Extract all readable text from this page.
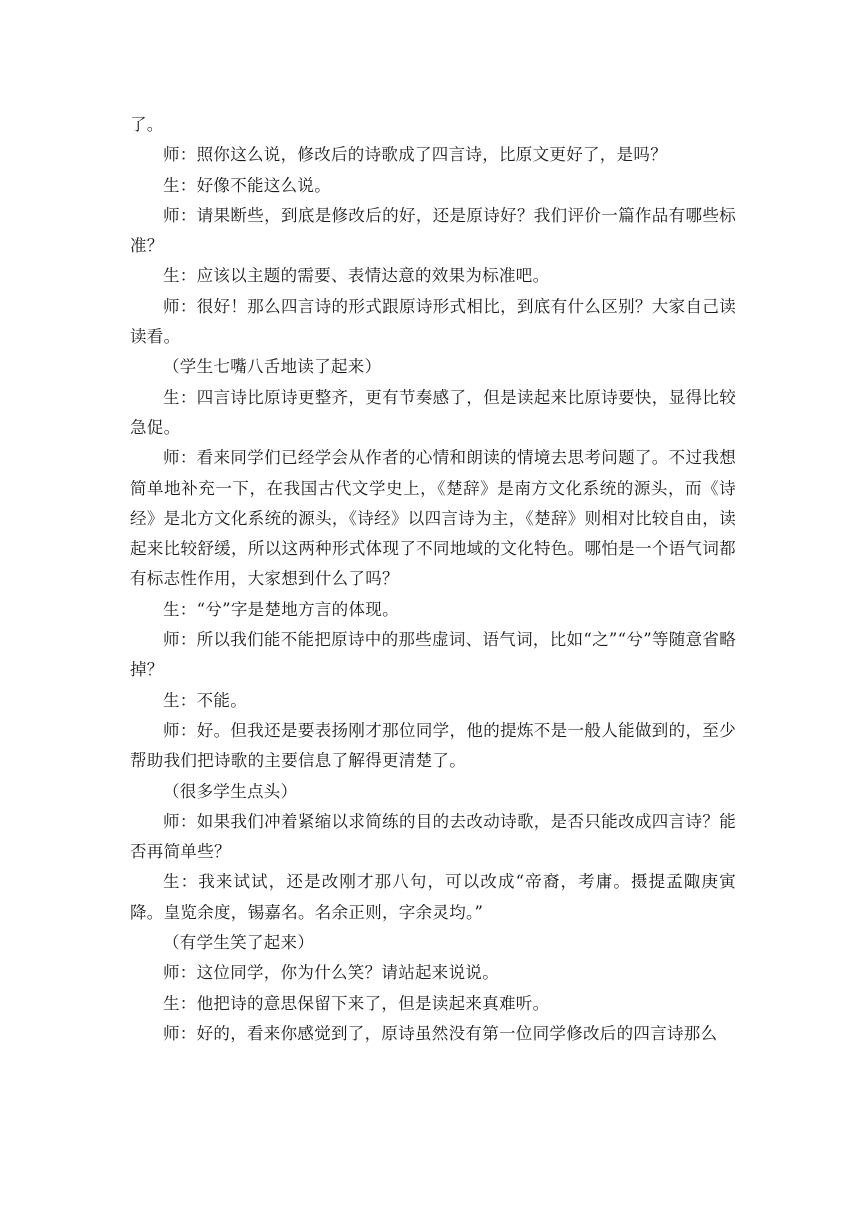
了。

师：照你这么说，修改后的诗歌成了四言诗，比原文更好了，是吗？

生：好像不能这么说。

师：请果断些，到底是修改后的好，还是原诗好？我们评价一篇作品有哪些标准？

生：应该以主题的需要、表情达意的效果为标准吧。

师：很好！那么四言诗的形式跟原诗形式相比，到底有什么区别？大家自己读读看。

（学生七嘴八舌地读了起来）

生：四言诗比原诗更整齐，更有节奏感了，但是读起来比原诗要快，显得比较急促。

师：看来同学们已经学会从作者的心情和朗读的情境去思考问题了。不过我想简单地补充一下，在我国古代文学史上，《楚辞》是南方文化系统的源头，而《诗经》是北方文化系统的源头，《诗经》以四言诗为主，《楚辞》则相对比较自由，读起来比较舒缓，所以这两种形式体现了不同地域的文化特色。哪怕是一个语气词都有标志性作用，大家想到什么了吗？

生：“兮”字是楚地方言的体现。

师：所以我们能不能把原诗中的那些虚词、语气词，比如“之”“兮”等随意省略掉？

生：不能。

师：好。但我还是要表扬刚才那位同学，他的提炼不是一般人能做到的，至少帮助我们把诗歌的主要信息了解得更清楚了。

（很多学生点头）

师：如果我们冲着紧缩以求简练的目的去改动诗歌，是否只能改成四言诗？能否再简单些？

生：我来试试，还是改刚才那八句，可以改成“帝裔，考庸。摄提孟陬庚寅降。皇览余度，锡嘉名。名余正则，字余灵均。”

（有学生笑了起来）

师：这位同学，你为什么笑？请站起来说说。

生：他把诗的意思保留下来了，但是读起来真难听。

师：好的，看来你感觉到了，原诗虽然没有第一位同学修改后的四言诗那么
